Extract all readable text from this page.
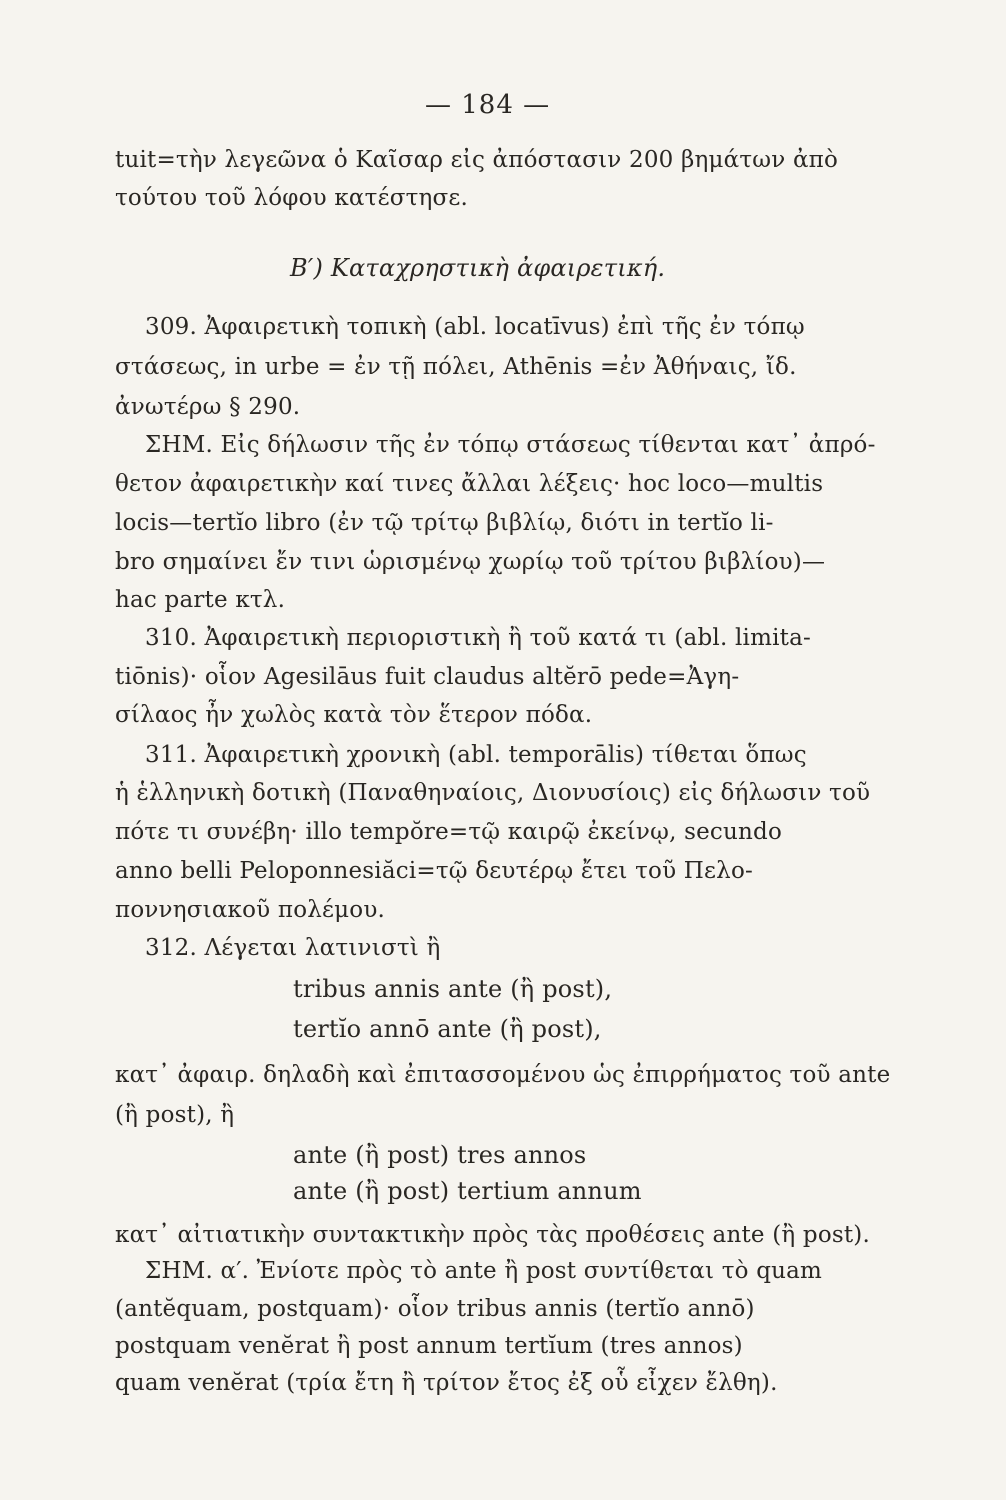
— 184 —
tuit=τὴν λεγεῶνα ὁ Καῖσαρ εἰς ἀπόστασιν 200 βημάτων ἀπὸ
τούτου τοῦ λόφου κατέστησε.
Β′) Καταχρηστικὴ ἀφαιρετική.
309. Ἀφαιρετικὴ τοπικὴ (abl. locatīvus) ἐπὶ τῆς ἐν τόπῳ
στάσεως, in urbe = ἐν τῇ πόλει, Athēnis =ἐν Ἀθήναις, ἴδ.
ἀνωτέρω § 290.
ΣΗΜ. Εἰς δήλωσιν τῆς ἐν τόπῳ στάσεως τίθενται κατ᾽ ἀπρό-
θετον ἀφαιρετικὴν καί τινες ἄλλαι λέξεις· hoc loco—multis
locis—tertĭo libro (ἐν τῷ τρίτῳ βιβλίῳ, διότι in tertĭo li-
bro σημαίνει ἔν τινι ὡρισμένῳ χωρίῳ τοῦ τρίτου βιβλίου)—
hac parte κτλ.
310. Ἀφαιρετικὴ περιοριστικὴ ἢ τοῦ κατά τι (abl. limita-
tiōnis)· οἷον Agesilāus fuit claudus altĕrō pede=Ἀγη-
σίλαος ἦν χωλὸς κατὰ τὸν ἕτερον πόδα.
311. Ἀφαιρετικὴ χρονικὴ (abl. temporālis) τίθεται ὅπως
ἡ ἑλληνικὴ δοτικὴ (Παναθηναίοις, Διονυσίοις) εἰς δήλωσιν τοῦ
πότε τι συνέβη· illo tempŏre=τῷ καιρῷ ἐκείνῳ, secundo
anno belli Peloponnesiăci=τῷ δευτέρῳ ἔτει τοῦ Πελο-
ποννησιακοῦ πολέμου.
312. Λέγεται λατινιστὶ ἢ
tribus annis ante (ἢ post),
tertĭo annō ante (ἢ post),
κατ᾽ ἀφαιρ. δηλαδὴ καὶ ἐπιτασσομένου ὡς ἐπιρρήματος τοῦ ante
(ἢ post), ἢ
ante (ἢ post) tres annos
ante (ἢ post) tertium annum
κατ᾽ αἰτιατικὴν συντακτικὴν πρὸς τὰς προθέσεις ante (ἢ post).
ΣΗΜ. α′. Ἐνίοτε πρὸς τὸ ante ἢ post συντίθεται τὸ quam
(antĕquam, postquam)· οἷον tribus annis (tertĭo annō)
postquam venĕrat ἢ post annum tertĭum (tres annos)
quam venĕrat (τρία ἔτη ἢ τρίτον ἔτος ἐξ οὗ εἶχεν ἔλθη).
